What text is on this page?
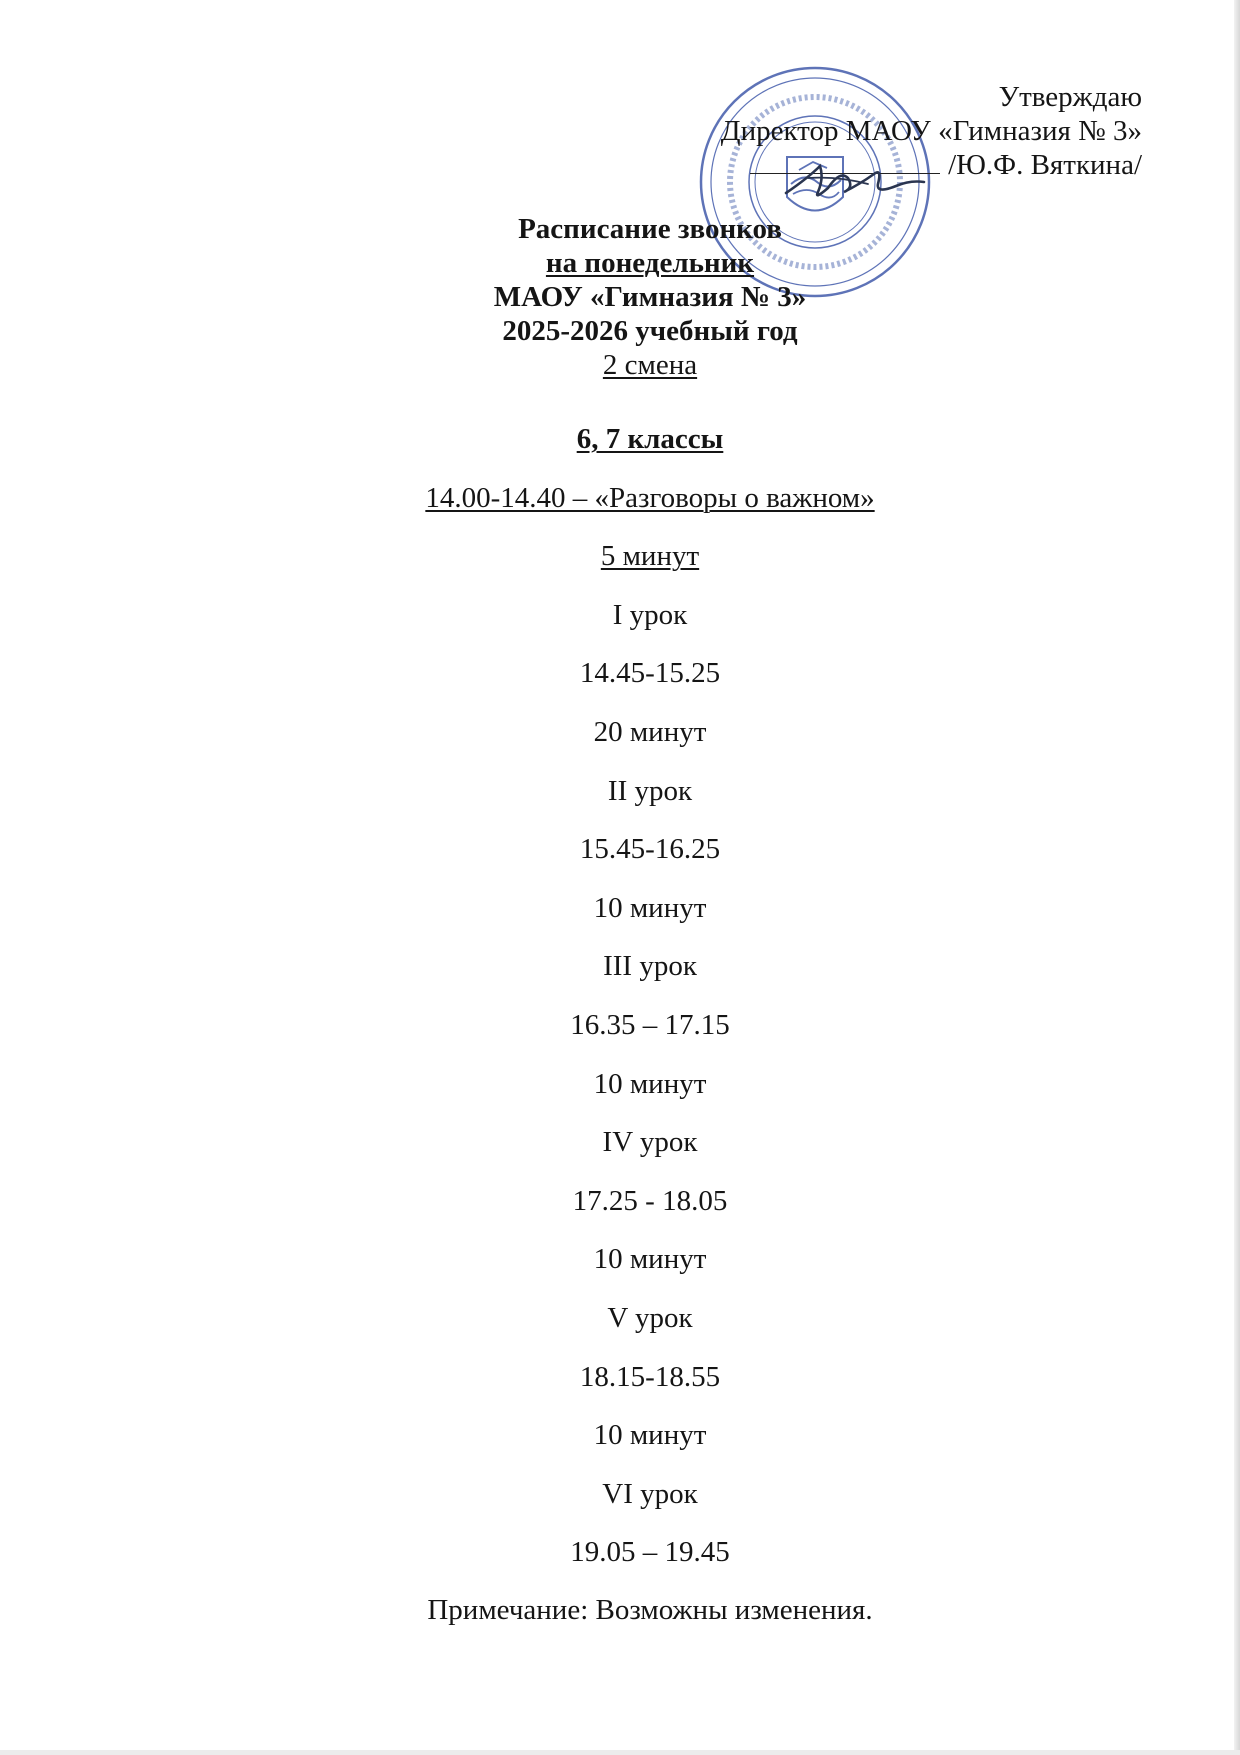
Утверждаю
Директор МАОУ «Гимназия № 3»
/Ю.Ф. Вяткина/
Расписание звонков
на понедельник
МАОУ «Гимназия № 3»
2025-2026 учебный год
2 смена
6, 7 классы
14.00-14.40 – «Разговоры о важном»
5 минут
I урок
14.45-15.25
20 минут
II урок
15.45-16.25
10 минут
III урок
16.35 – 17.15
10 минут
IV урок
17.25 - 18.05
10 минут
V урок
18.15-18.55
10 минут
VI урок
19.05 – 19.45
Примечание: Возможны изменения.
